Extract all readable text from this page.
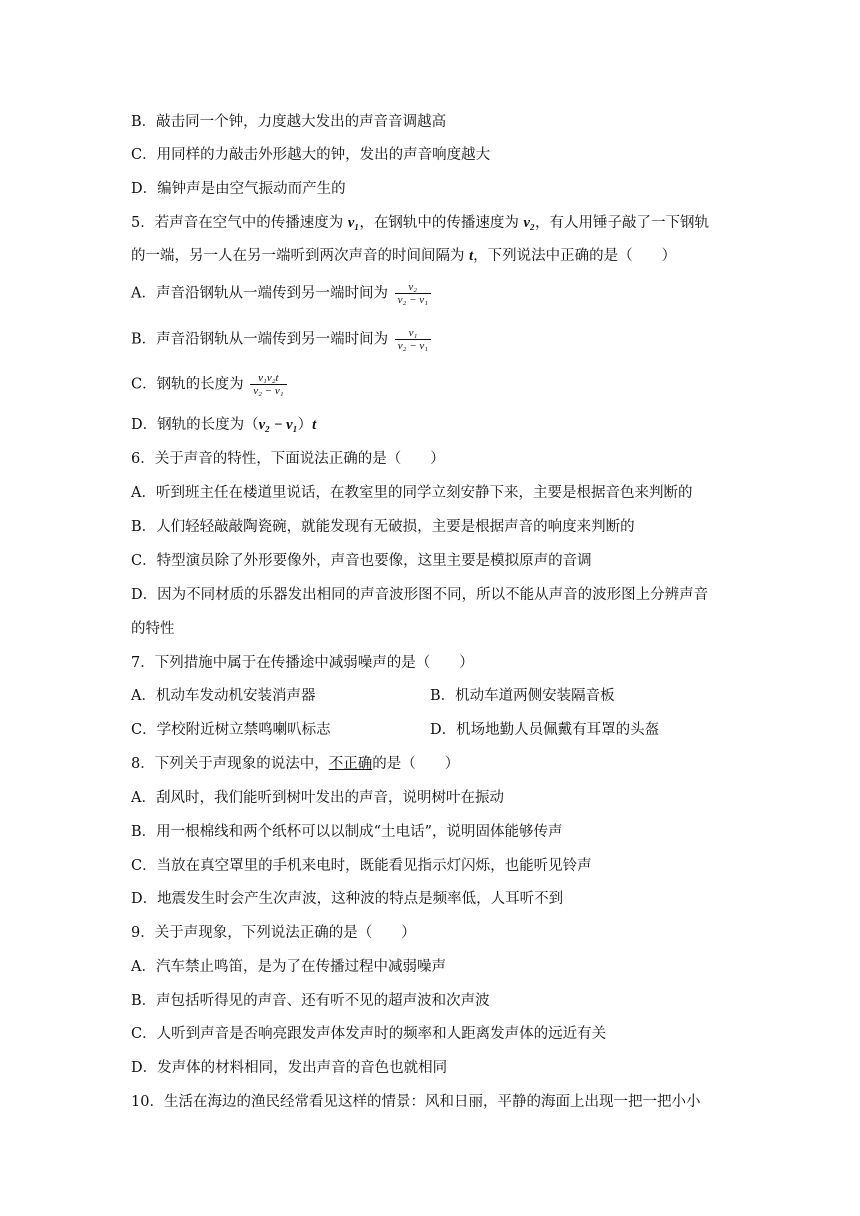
B．敲击同一个钟，力度越大发出的声音音调越高
C．用同样的力敲击外形越大的钟，发出的声音响度越大
D．编钟声是由空气振动而产生的
5．若声音在空气中的传播速度为 v₁，在钢轨中的传播速度为 v₂，有人用锤子敲了一下钢轨
的一端，另一人在另一端听到两次声音的时间间隔为 t，下列说法中正确的是（　　）
A．声音沿钢轨从一端传到另一端时间为 $\frac{\text{v₂}}{\text{v₂ − v₁}}$
B．声音沿钢轨从一端传到另一端时间为 $\frac{\text{v₁}}{\text{v₂ − v₁}}$
C．钢轨的长度为 $\frac{\text{v₁v₂t}}{\text{v₂ − v₁}}$
D．钢轨的长度为（v₂ − v₁）t
6．关于声音的特性，下面说法正确的是（　　）
A．听到班主任在楼道里说话，在教室里的同学立刻安静下来，主要是根据音色来判断的
B．人们轻轻敲敲陶瓷碗，就能发现有无破损，主要是根据声音的响度来判断的
C．特型演员除了外形要像外，声音也要像，这里主要是模拟原声的音调
D．因为不同材质的乐器发出相同的声音波形图不同，所以不能从声音的波形图上分辨声音
的特性
7．下列措施中属于在传播途中减弱噪声的是（　　）
A．机动车发动机安装消声器	B．机动车道两侧安装隔音板
C．学校附近树立禁鸣喇叭标志	D．机场地勤人员佩戴有耳罩的头盔
8．下列关于声现象的说法中，不正确的是（　　）
A．刮风时，我们能听到树叶发出的声音，说明树叶在振动
B．用一根棉线和两个纸杯可以以制成“土电话”，说明固体能够传声
C．当放在真空罩里的手机来电时，既能看见指示灯闪烁，也能听见铃声
D．地震发生时会产生次声波，这种波的特点是频率低，人耳听不到
9．关于声现象，下列说法正确的是（　　）
A．汽车禁止鸣笛，是为了在传播过程中减弱噪声
B．声包括听得见的声音、还有听不见的超声波和次声波
C．人听到声音是否响亮跟发声体发声时的频率和人距离发声体的远近有关
D．发声体的材料相同，发出声音的音色也就相同
10．生活在海边的渔民经常看见这样的情景：风和日丽，平静的海面上出现一把一把小小
